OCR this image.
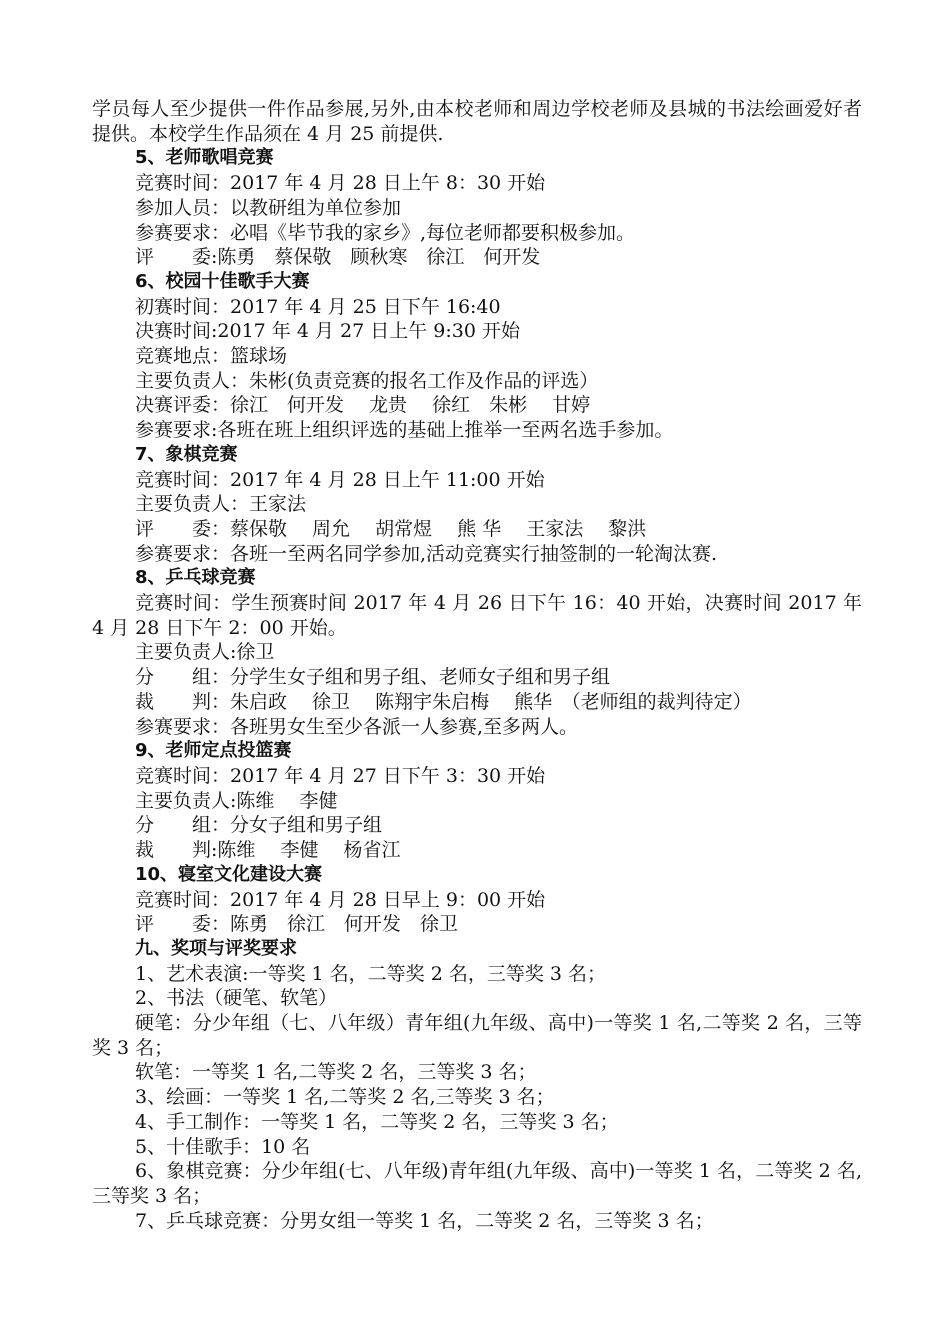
学员每人至少提供一件作品参展,另外,由本校老师和周边学校老师及县城的书法绘画爱好者提供。本校学生作品须在 4 月 25 前提供.

5、老师歌唱竞赛

竞赛时间：2017 年 4 月 28 日上午 8：30 开始

参加人员：以教研组为单位参加

参赛要求：必唱《毕节我的家乡》,每位老师都要积极参加。

评　　委:陈勇　蔡保敬　顾秋寒　徐江　何开发

6、校园十佳歌手大赛

初赛时间：2017 年 4 月 25 日下午 16:40

决赛时间:2017 年 4 月 27 日上午 9:30 开始

竞赛地点：篮球场

主要负责人：朱彬(负责竞赛的报名工作及作品的评选）

决赛评委：徐江　何开发　 龙贵　 徐红　朱彬　 甘婷

参赛要求:各班在班上组织评选的基础上推举一至两名选手参加。

7、象棋竞赛

竞赛时间：2017 年 4 月 28 日上午 11:00 开始

主要负责人：王家法

评　　委：蔡保敬　 周允　 胡常煜　 熊 华　 王家法　 黎洪

参赛要求：各班一至两名同学参加,活动竞赛实行抽签制的一轮淘汰赛.

8、乒乓球竞赛

竞赛时间：学生预赛时间 2017 年 4 月 26 日下午 16：40 开始，决赛时间 2017 年 4 月 28 日下午 2：00 开始。

主要负责人:徐卫

分　　组：分学生女子组和男子组、老师女子组和男子组

裁　　判：朱启政　 徐卫　 陈翔宇朱启梅　 熊华　（老师组的裁判待定）

参赛要求：各班男女生至少各派一人参赛,至多两人。

9、老师定点投篮赛

竞赛时间：2017 年 4 月 27 日下午 3：30 开始

主要负责人:陈维　 李健

分　　组：分女子组和男子组

裁　　判:陈维　 李健　 杨省江

10、寝室文化建设大赛

竞赛时间：2017 年 4 月 28 日早上 9：00 开始

评　　委：陈勇　徐江　何开发　徐卫

九、奖项与评奖要求

1、艺术表演:一等奖 1 名，二等奖 2 名，三等奖 3 名；

2、书法（硬笔、软笔）

硬笔：分少年组（七、八年级）青年组(九年级、高中)一等奖 1 名,二等奖 2 名，三等奖 3 名；

软笔：一等奖 1 名,二等奖 2 名，三等奖 3 名；

3、绘画：一等奖 1 名,二等奖 2 名,三等奖 3 名；

4、手工制作：一等奖 1 名，二等奖 2 名，三等奖 3 名；

5、十佳歌手：10 名

6、象棋竞赛：分少年组(七、八年级)青年组(九年级、高中)一等奖 1 名，二等奖 2 名,三等奖 3 名；

7、乒乓球竞赛：分男女组一等奖 1 名，二等奖 2 名，三等奖 3 名；
